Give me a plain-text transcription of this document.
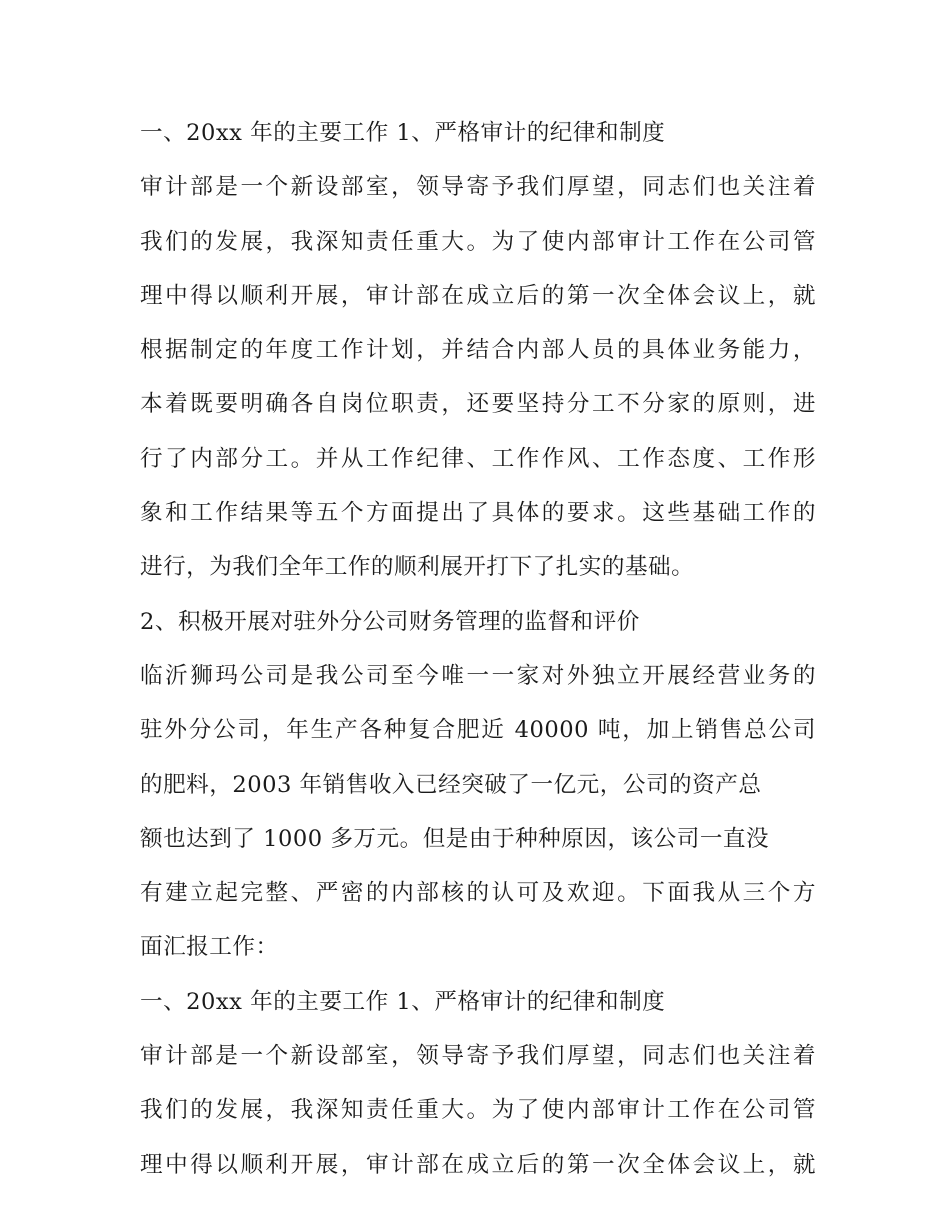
一、20xx 年的主要工作 1、严格审计的纪律和制度
审计部是一个新设部室，领导寄予我们厚望，同志们也关注着
我们的发展，我深知责任重大。为了使内部审计工作在公司管
理中得以顺利开展，审计部在成立后的第一次全体会议上，就
根据制定的年度工作计划，并结合内部人员的具体业务能力，
本着既要明确各自岗位职责，还要坚持分工不分家的原则，进
行了内部分工。并从工作纪律、工作作风、工作态度、工作形
象和工作结果等五个方面提出了具体的要求。这些基础工作的
进行，为我们全年工作的顺利展开打下了扎实的基础。
2、积极开展对驻外分公司财务管理的监督和评价
临沂狮玛公司是我公司至今唯一一家对外独立开展经营业务的
驻外分公司，年生产各种复合肥近 40000 吨，加上销售总公司
的肥料，2003 年销售收入已经突破了一亿元，公司的资产总
额也达到了 1000 多万元。但是由于种种原因，该公司一直没
有建立起完整、严密的内部核的认可及欢迎。下面我从三个方
面汇报工作：
一、20xx 年的主要工作 1、严格审计的纪律和制度
审计部是一个新设部室，领导寄予我们厚望，同志们也关注着
我们的发展，我深知责任重大。为了使内部审计工作在公司管
理中得以顺利开展，审计部在成立后的第一次全体会议上，就
